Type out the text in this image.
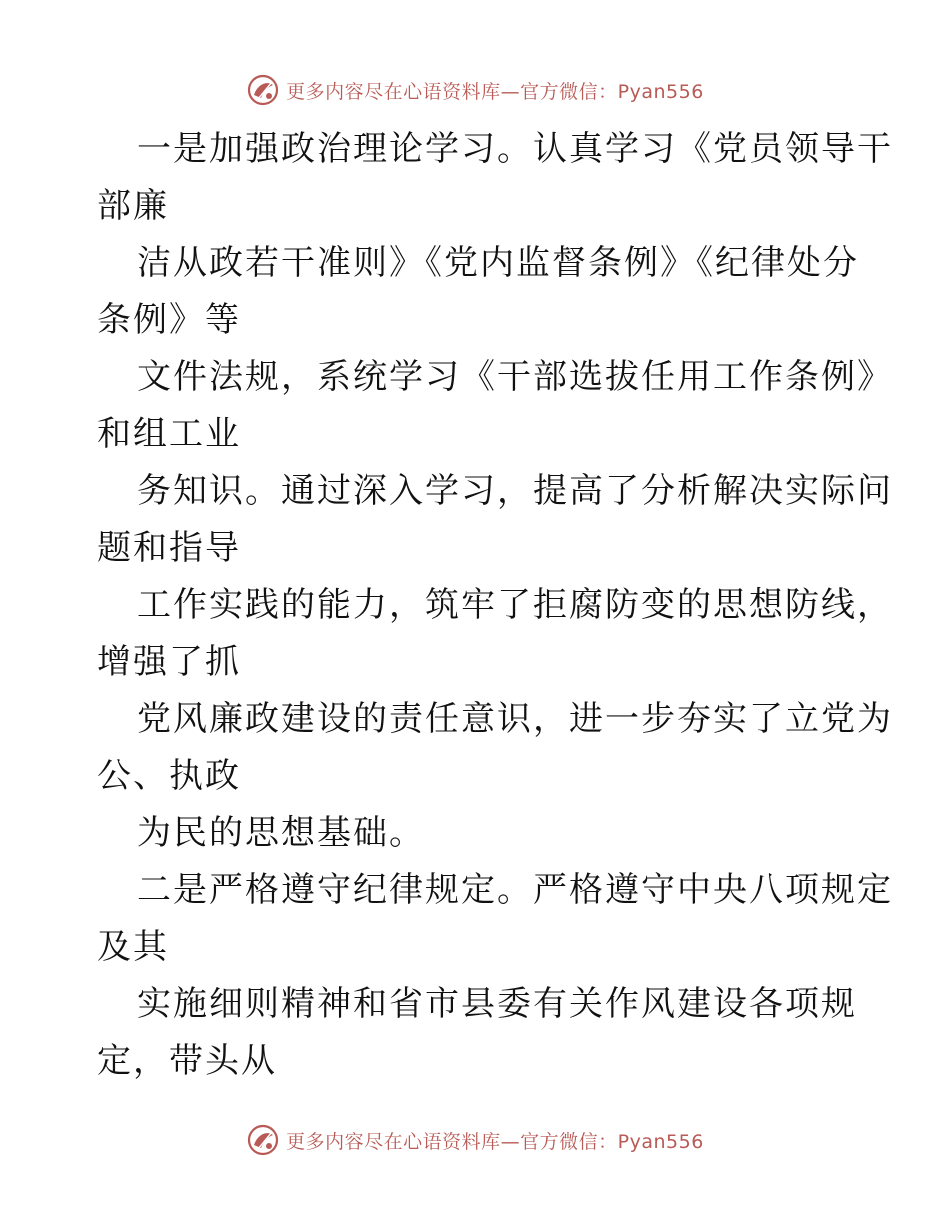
更多内容尽在心语资料库—官方微信：Pyan556
一是加强政治理论学习。认真学习《党员领导干
部廉
洁从政若干准则》《党内监督条例》《纪律处分
条例》等
文件法规，系统学习《干部选拔任用工作条例》
和组工业
务知识。通过深入学习，提高了分析解决实际问
题和指导
工作实践的能力，筑牢了拒腐防变的思想防线，
增强了抓
党风廉政建设的责任意识，进一步夯实了立党为
公、执政
为民的思想基础。
二是严格遵守纪律规定。严格遵守中央八项规定
及其
实施细则精神和省市县委有关作风建设各项规
定，带头从
更多内容尽在心语资料库—官方微信：Pyan556
